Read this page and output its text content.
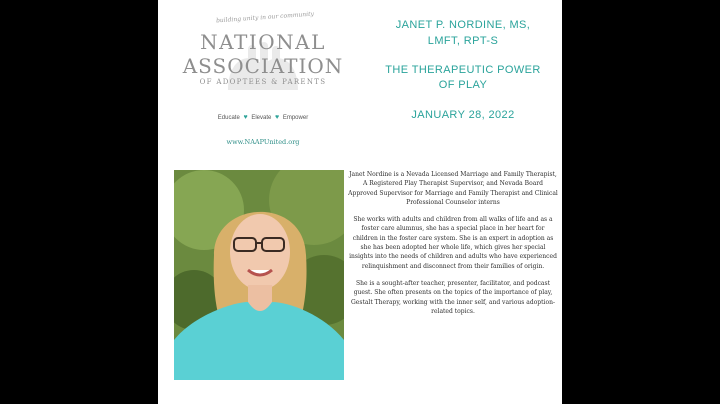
building unity in our community
NATIONAL
ASSOCIATION
OF ADOPTEES & PARENTS
Educate ♥ Elevate ♥ Empower
www.NAAPUnited.org
JANET P. NORDINE, MS,
LMFT, RPT-S
THE THERAPEUTIC POWER
OF PLAY
JANUARY 28, 2022

Janet Nordine is a Nevada Licensed Marriage and Family Therapist, A Registered Play Therapist Supervisor, and Nevada Board Approved Supervisor for Marriage and Family Therapist and Clinical Professional Counselor interns

She works with adults and children from all walks of life and as a foster care alumnus, she has a special place in her heart for children in the foster care system. She is an expert in adoption as she has been adopted her whole life, which gives her special insights into the needs of children and adults who have experienced relinquishment and disconnect from their families of origin.

She is a sought-after teacher, presenter, facilitator, and podcast guest. She often presents on the topics of the importance of play, Gestalt Therapy, working with the inner self, and various adoption-related topics.
